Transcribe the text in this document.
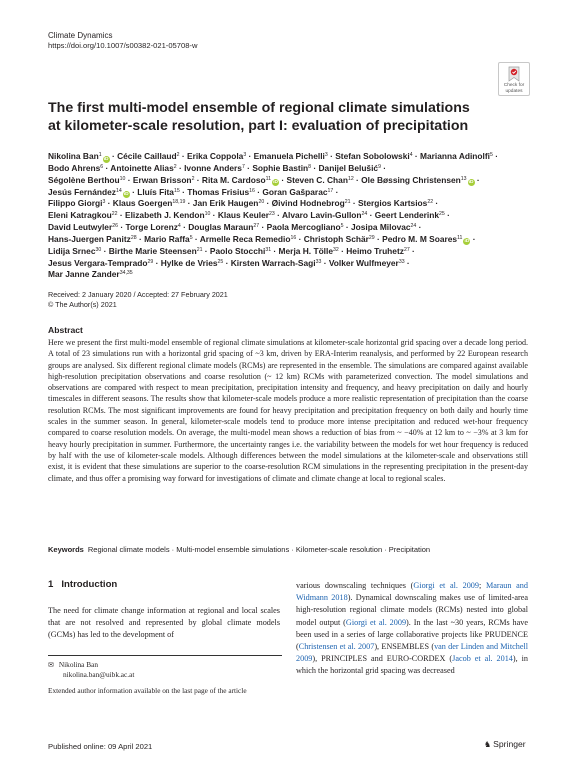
Climate Dynamics
https://doi.org/10.1007/s00382-021-05708-w
Check for
updates
The first multi-model ensemble of regional climate simulations
at kilometer-scale resolution, part I: evaluation of precipitation
Nikolina Ban$^1$iD · Cécile Caillaud$^2$ · Erika Coppola$^3$ · Emanuela Pichelli$^3$ · Stefan Sobolowski$^4$ · Marianna Adinolfi$^5$ ·
Bodo Ahrens$^6$ · Antoinette Alias$^2$ · Ivonne Anders$^7$ · Sophie Bastin$^8$ · Danijel Belušić$^9$ ·
Ségolène Berthou$^{10}$ · Erwan Brisson$^2$ · Rita M. Cardoso$^{11}$iD · Steven C. Chan$^{12}$ · Ole Bøssing Christensen$^{13}$iD ·
Jesús Fernández$^{14}$iD · Lluís Fita$^{15}$ · Thomas Frisius$^{16}$ · Goran Gašparac$^{17}$ ·
Filippo Giorgi$^3$ · Klaus Goergen$^{18,19}$ · Jan Erik Haugen$^{20}$ · Øivind Hodnebrog$^{21}$ · Stergios Kartsios$^{22}$ ·
Eleni Katragkou$^{22}$ · Elizabeth J. Kendon$^{10}$ · Klaus Keuler$^{23}$ · Alvaro Lavin-Gullon$^{24}$ · Geert Lenderink$^{25}$ ·
David Leutwyler$^{26}$ · Torge Lorenz$^4$ · Douglas Maraun$^{27}$ · Paola Mercogliano$^5$ · Josipa Milovac$^{24}$ ·
Hans-Juergen Panitz$^{28}$ · Mario Raffa$^5$ · Armelle Reca Remedio$^{16}$ · Christoph Schär$^{29}$ · Pedro M. M Soares$^{11}$iD ·
Lidija Srnec$^{30}$ · Birthe Marie Steensen$^{21}$ · Paolo Stocchi$^{31}$ · Merja H. Tölle$^{32}$ · Heimo Truhetz$^{27}$ ·
Jesus Vergara-Temprado$^{29}$ · Hylke de Vries$^{25}$ · Kirsten Warrach-Sagi$^{33}$ · Volker Wulfmeyer$^{33}$ ·
Mar Janne Zander$^{34,35}$
Received: 2 January 2020 / Accepted: 27 February 2021
© The Author(s) 2021
Abstract
Here we present the first multi-model ensemble of regional climate simulations at kilometer-scale horizontal grid spacing over a decade long period. A total of 23 simulations run with a horizontal grid spacing of ~3 km, driven by ERA-Interim reanalysis, and performed by 22 European research groups are analysed. Six different regional climate models (RCMs) are represented in the ensemble. The simulations are compared against available high-resolution precipitation observations and coarse resolution (~ 12 km) RCMs with parameterized convection. The model simulations and observations are compared with respect to mean precipitation, precipitation intensity and frequency, and heavy precipitation on daily and hourly timescales in different seasons. The results show that kilometer-scale models produce a more realistic representation of precipitation than the coarse resolution RCMs. The most significant improvements are found for heavy precipitation and precipitation frequency on both daily and hourly time scales in the summer season. In general, kilometer-scale models tend to produce more intense precipitation and reduced wet-hour frequency compared to coarse resolution models. On average, the multi-model mean shows a reduction of bias from ~ −40% at 12 km to ~ −3% at 3 km for heavy hourly precipitation in summer. Furthermore, the uncertainty ranges i.e. the variability between the models for wet hour frequency is reduced by half with the use of kilometer-scale models. Although differences between the model simulations at the kilometer-scale and observations still exist, it is evident that these simulations are superior to the coarse-resolution RCM simulations in the representing precipitation in the present-day climate, and thus offer a promising way forward for investigations of climate and climate change at local to regional scales.
Keywords Regional climate models · Multi-model ensemble simulations · Kilometer-scale resolution · Precipitation
1 Introduction
The need for climate change information at regional and local scales that are not resolved and represented by global climate models (GCMs) has led to the development of
various downscaling techniques (Giorgi et al. 2009; Maraun and Widmann 2018). Dynamical downscaling makes use of limited-area high-resolution regional climate models (RCMs) nested into global model output (Giorgi et al. 2009). In the last ~30 years, RCMs have been used in a series of large collaborative projects like PRUDENCE (Christensen et al. 2007), ENSEMBLES (van der Linden and Mitchell 2009), PRINCIPLES and EURO-CORDEX (Jacob et al. 2014), in which the horizontal grid spacing was decreased
✉ Nikolina Ban
nikolina.ban@uibk.ac.at
Extended author information available on the last page of the article
Published online: 09 April 2021	♞ Springer
